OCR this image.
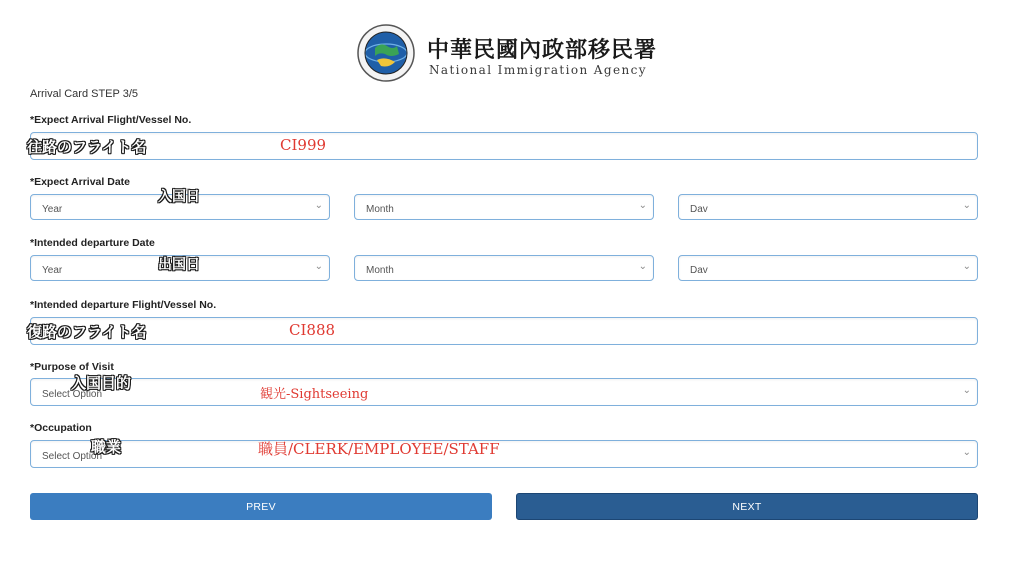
中華民國內政部移民署
National Immigration Agency
Arrival Card STEP 3/5
*Expect Arrival Flight/Vessel No.
往路のフライト名	CI999
*Expect Arrival Date
Year	⌄	Month	⌄	Dav	⌄
入国日
*Intended departure Date
Year	⌄	Month	⌄	Dav	⌄
出国日
*Intended departure Flight/Vessel No.
復路のフライト名	CI888
*Purpose of Visit
Select Option	⌄
入国目的
観光-Sightseeing
*Occupation
Select Option	⌄
職業	職員/CLERK/EMPLOYEE/STAFF
PREV	NEXT
